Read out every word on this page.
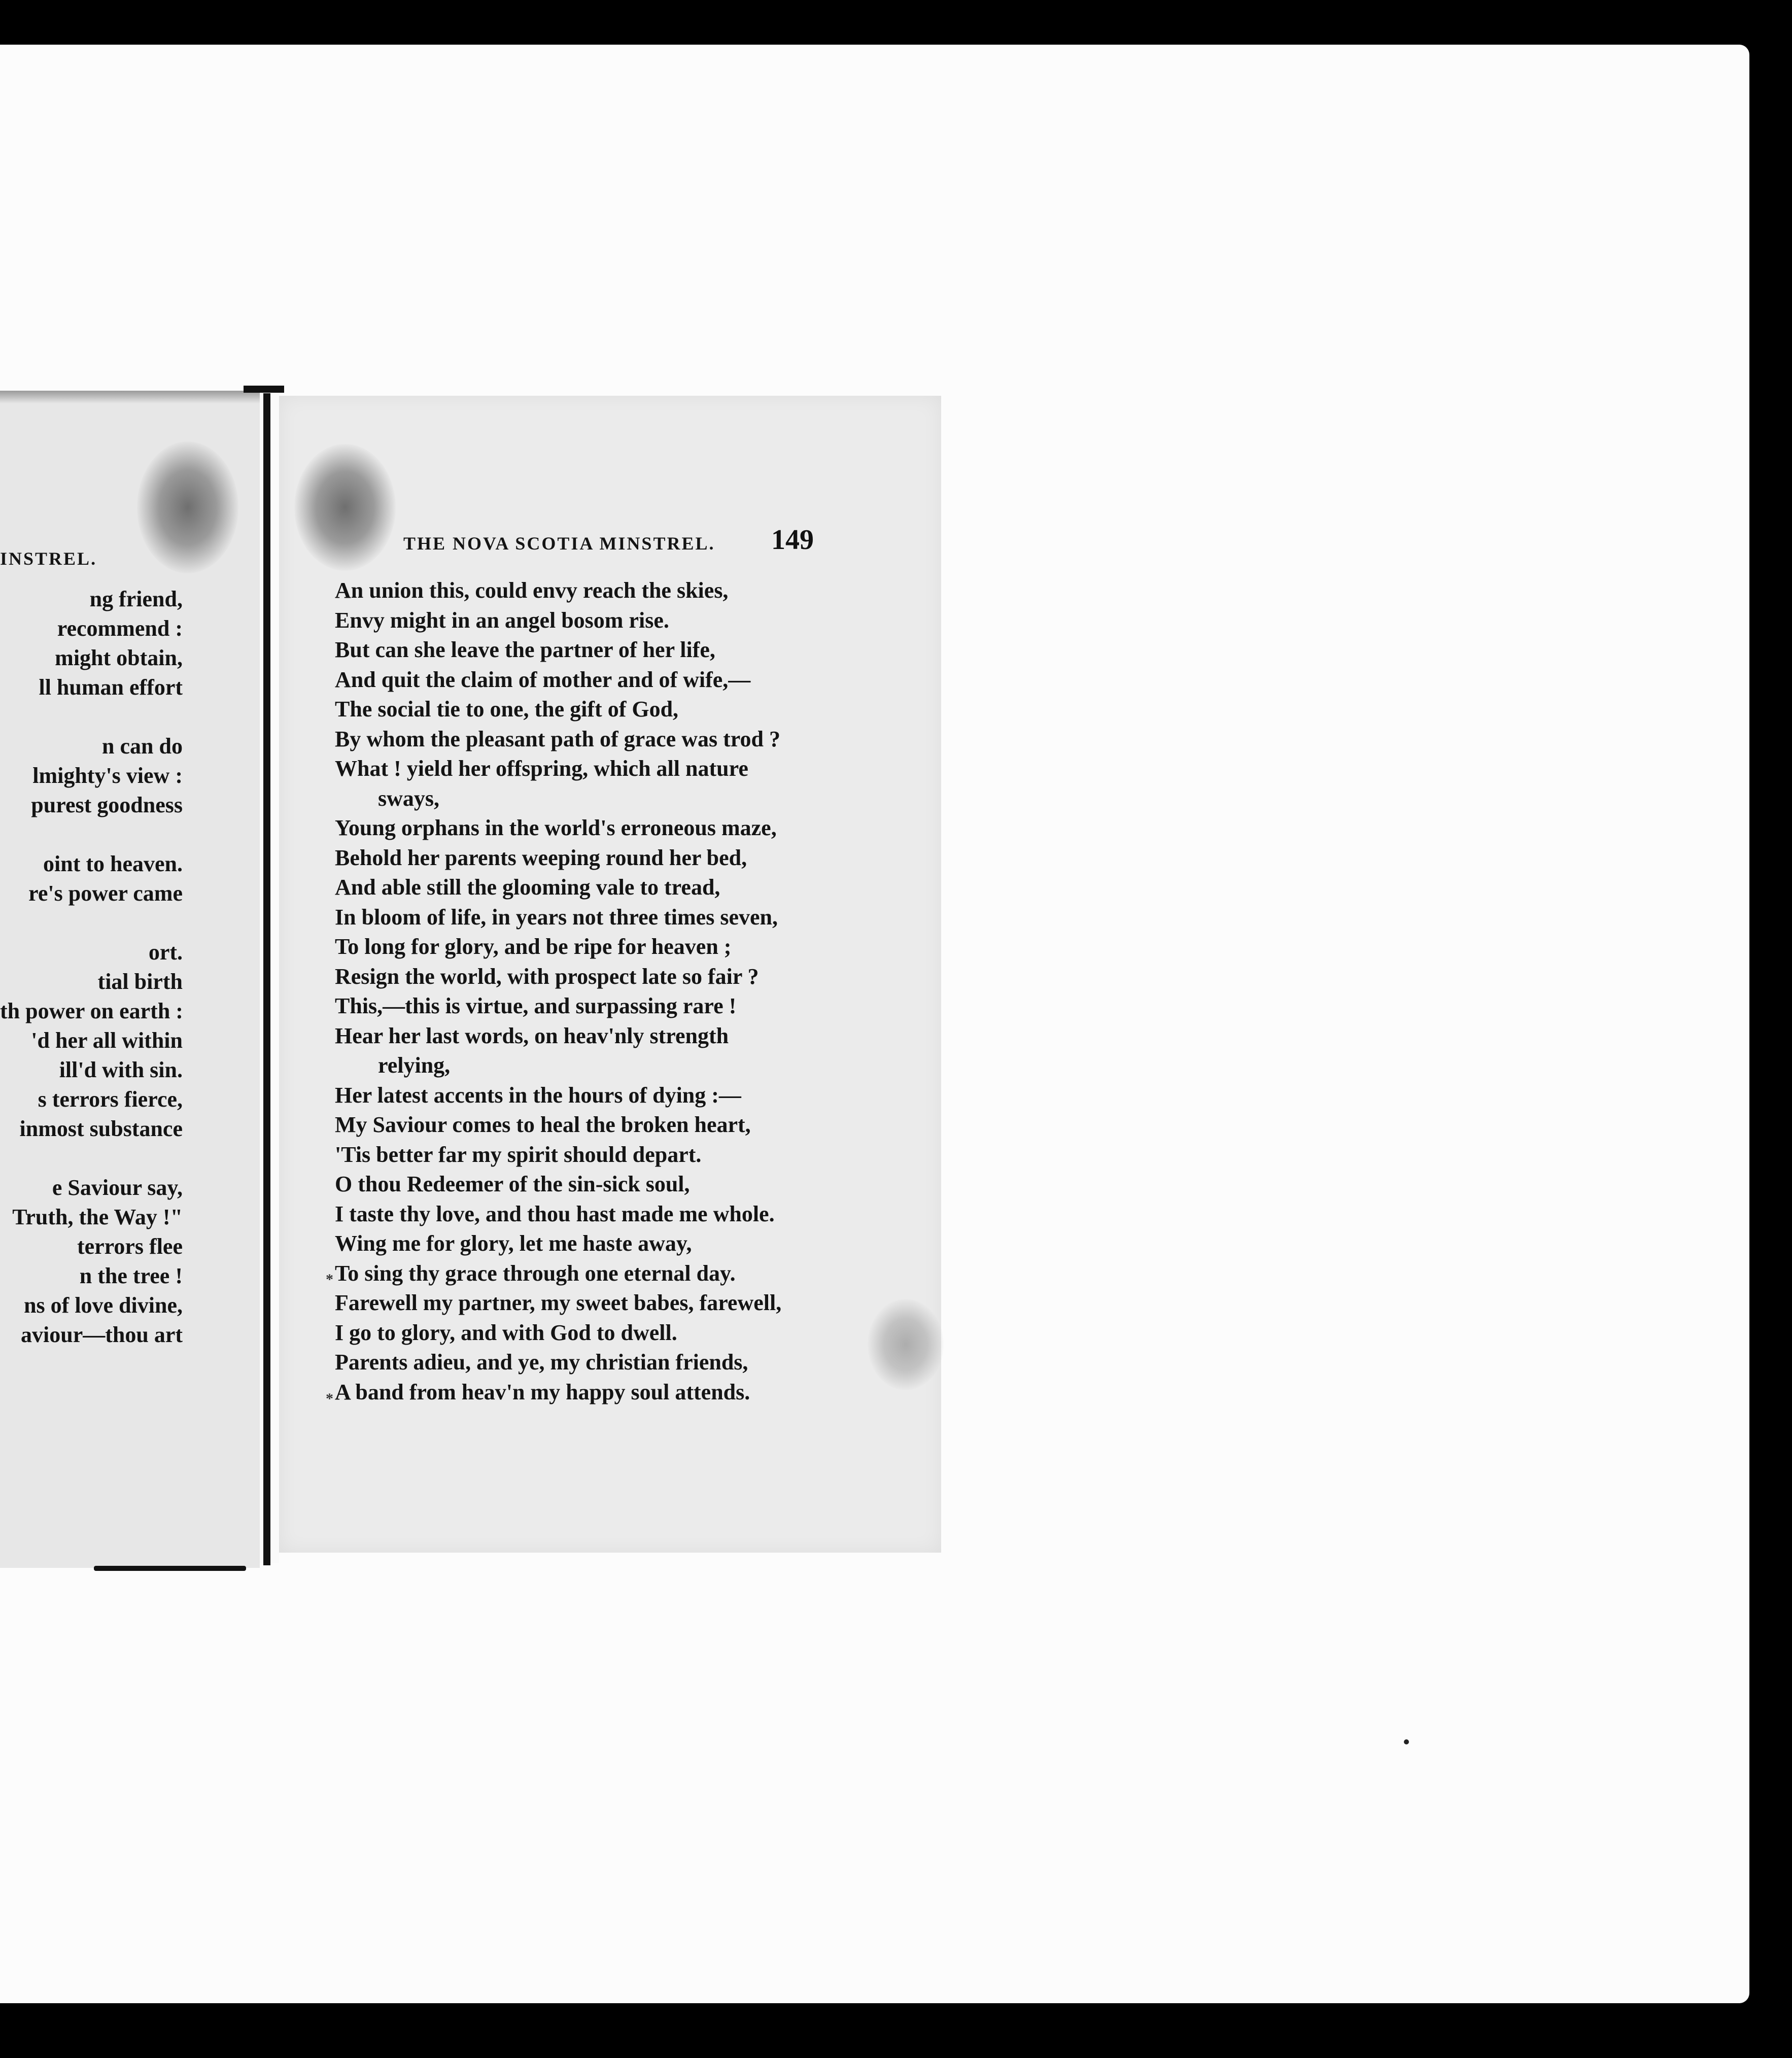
INSTREL.
ng friend,
recommend :
might obtain,
ll human effort
n can do
lmighty's view :
purest goodness
oint to heaven.
re's power came
ort.
tial birth
th power on earth :
'd her all within
ill'd with sin.
s terrors fierce,
inmost substance
e Saviour say,
Truth, the Way !"
terrors flee
n the tree !
ns of love divine,
aviour—thou art
THE NOVA SCOTIA MINSTREL. 149
An union this, could envy reach the skies,
Envy might in an angel bosom rise.
But can she leave the partner of her life,
And quit the claim of mother and of wife,—
The social tie to one, the gift of God,
By whom the pleasant path of grace was trod ?
What ! yield her offspring, which all nature
sways,
Young orphans in the world's erroneous maze,
Behold her parents weeping round her bed,
And able still the glooming vale to tread,
In bloom of life, in years not three times seven,
To long for glory, and be ripe for heaven ;
Resign the world, with prospect late so fair ?
This,—this is virtue, and surpassing rare !
Hear her last words, on heav'nly strength
relying,
Her latest accents in the hours of dying :—
My Saviour comes to heal the broken heart,
'Tis better far my spirit should depart.
O thou Redeemer of the sin-sick soul,
I taste thy love, and thou hast made me whole.
Wing me for glory, let me haste away,
To sing thy grace through one eternal day.
Farewell my partner, my sweet babes, farewell,
I go to glory, and with God to dwell.
Parents adieu, and ye, my christian friends,
A band from heav'n my happy soul attends.
*
*
